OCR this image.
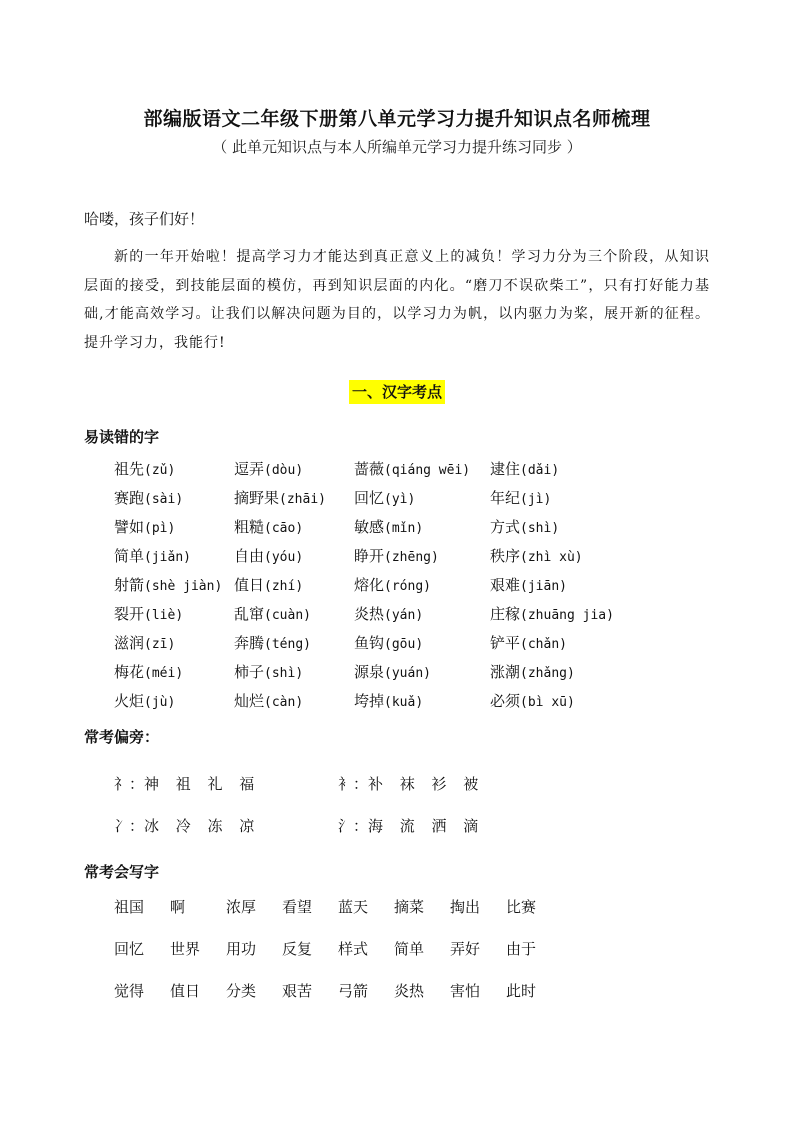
部编版语文二年级下册第八单元学习力提升知识点名师梳理
（ 此单元知识点与本人所编单元学习力提升练习同步 ）
哈喽，孩子们好！
新的一年开始啦！提高学习力才能达到真正意义上的减负！学习力分为三个阶段，从知识层面的接受，到技能层面的模仿，再到知识层面的内化。“磨刀不误砍柴工”，只有打好能力基础,才能高效学习。让我们以解决问题为目的，以学习力为帆，以内驱力为桨，展开新的征程。提升学习力，我能行!
一、汉字考点
易读错的字
祖先(zǔ)	逗弄(dòu)	蔷薇(qiáng wēi)	逮住(dǎi)
赛跑(sài)	摘野果(zhāi)	回忆(yì)	年纪(jì)
譬如(pì)	粗糙(cāo)	敏感(mǐn)	方式(shì)
简单(jiǎn)	自由(yóu)	睁开(zhēng)	秩序(zhì xù)
射箭(shè jiàn) 值日(zhí)	熔化(róng)	艰难(jiān)
裂开(liè)	乱窜(cuàn)	炎热(yán)	庄稼(zhuāng jia)
滋润(zī)	奔腾(téng)	鱼钩(gōu)	铲平(chǎn)
梅花(méi)	柿子(shì)	源泉(yuán)	涨潮(zhǎng)
火炬(jù)	灿烂(càn)	垮掉(kuǎ)	必须(bì xū)
常考偏旁：
礻：神 祖 礼 福	衤：补 袜 衫 被
冫：冰 冷 冻 凉	氵：海 流 洒 滴
常考会写字
祖国	啊	浓厚	看望	蓝天	摘菜	掏出	比赛
回忆	世界	用功	反复	样式	简单	弄好	由于
觉得	值日	分类	艰苦	弓箭	炎热	害怕	此时
